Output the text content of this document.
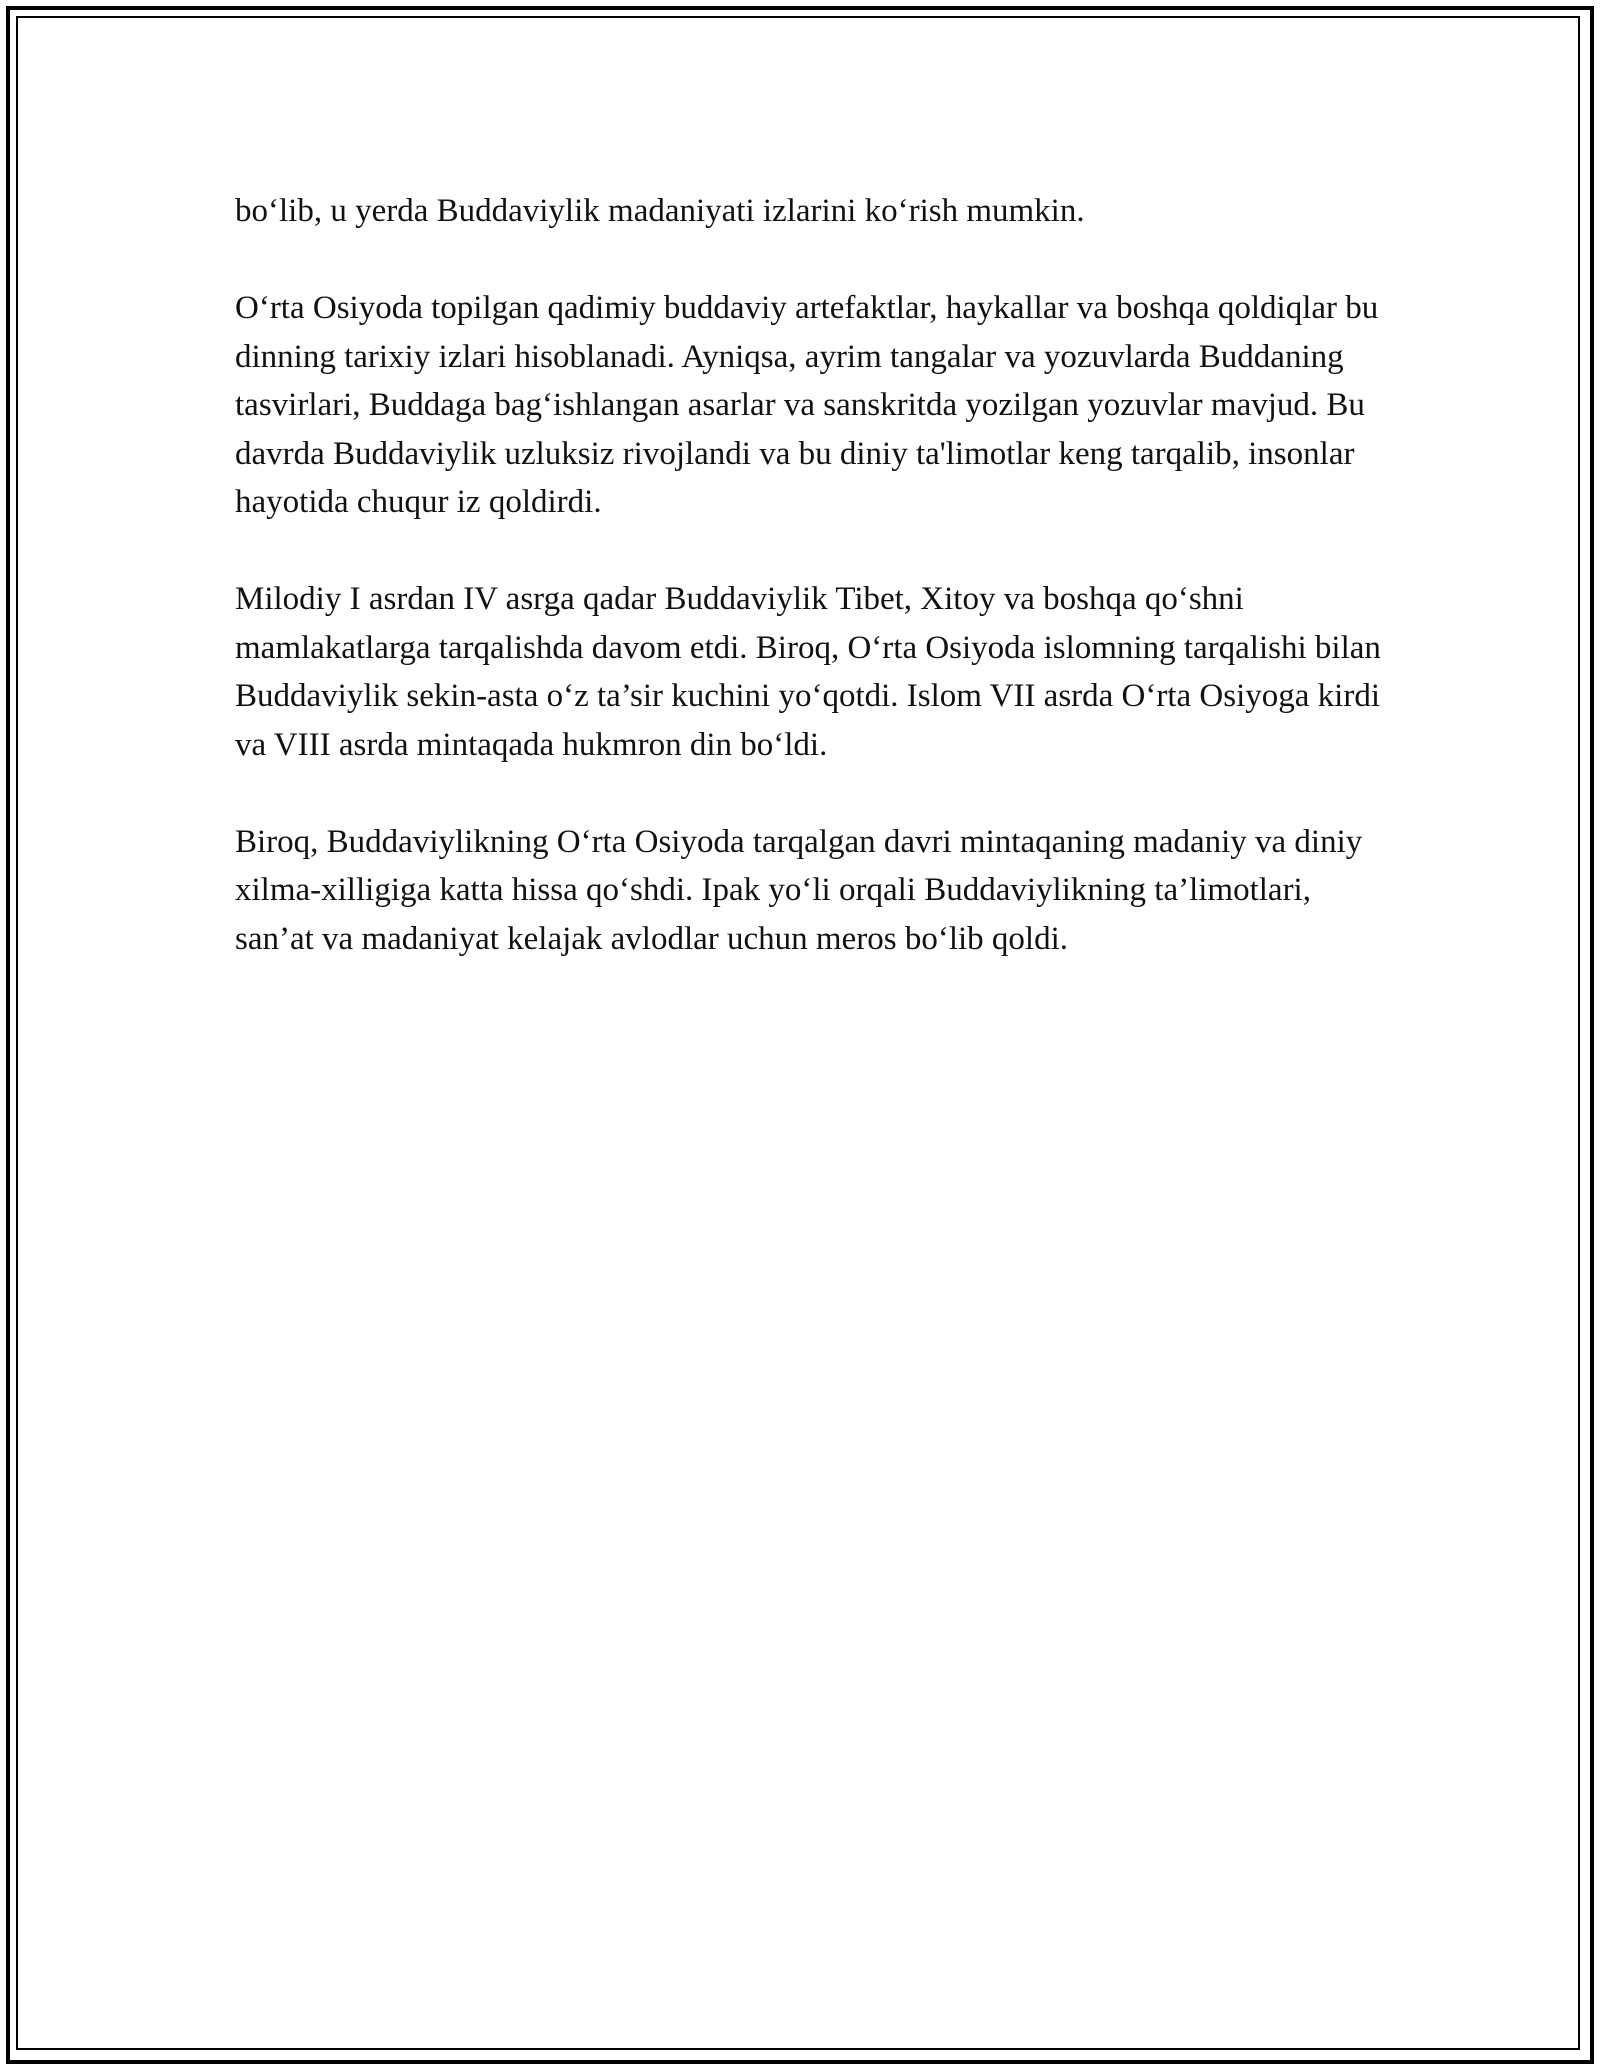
bo‘lib, u yerda Buddaviylik madaniyati izlarini ko‘rish mumkin.

O‘rta Osiyoda topilgan qadimiy buddaviy artefaktlar, haykallar va boshqa qoldiqlar bu dinning tarixiy izlari hisoblanadi. Ayniqsa, ayrim tangalar va yozuvlarda Buddaning tasvirlari, Buddaga bag‘ishlangan asarlar va sanskritda yozilgan yozuvlar mavjud. Bu davrda Buddaviylik uzluksiz rivojlandi va bu diniy ta'limotlar keng tarqalib, insonlar hayotida chuqur iz qoldirdi.

Milodiy I asrdan IV asrga qadar Buddaviylik Tibet, Xitoy va boshqa qo‘shni mamlakatlarga tarqalishda davom etdi. Biroq, O‘rta Osiyoda islomning tarqalishi bilan Buddaviylik sekin-asta o‘z ta’sir kuchini yo‘qotdi. Islom VII asrda O‘rta Osiyoga kirdi va VIII asrda mintaqada hukmron din bo‘ldi.

Biroq, Buddaviylikning O‘rta Osiyoda tarqalgan davri mintaqaning madaniy va diniy xilma-xilligiga katta hissa qo‘shdi. Ipak yo‘li orqali Buddaviylikning ta’limotlari, san’at va madaniyat kelajak avlodlar uchun meros bo‘lib qoldi.
